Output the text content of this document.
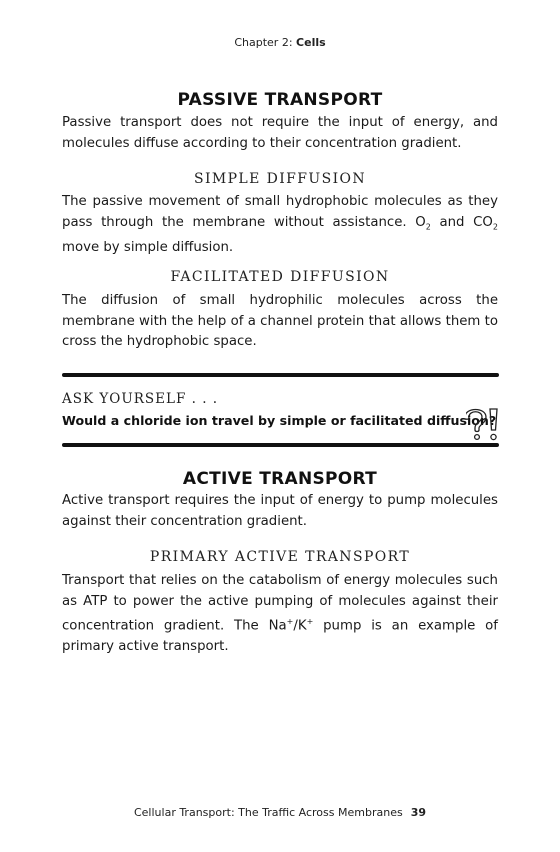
Chapter 2: Cells
PASSIVE TRANSPORT
Passive transport does not require the input of energy, and molecules diffuse according to their concentration gradient.
SIMPLE DIFFUSION
The passive movement of small hydrophobic molecules as they pass through the membrane without assistance. $O_2$ and $CO_2$ move by simple diffusion.
FACILITATED DIFFUSION
The diffusion of small hydrophilic molecules across the membrane with the help of a channel protein that allows them to cross the hydrophobic space.
ASK YOURSELF . . .
Would a chloride ion travel by simple or facilitated diffusion?
ACTIVE TRANSPORT
Active transport requires the input of energy to pump molecules against their concentration gradient.
PRIMARY ACTIVE TRANSPORT
Transport that relies on the catabolism of energy molecules such as ATP to power the active pumping of molecules against their concentration gradient. The Na+/K+ pump is an example of primary active transport.
Cellular Transport: The Traffic Across Membranes 39
